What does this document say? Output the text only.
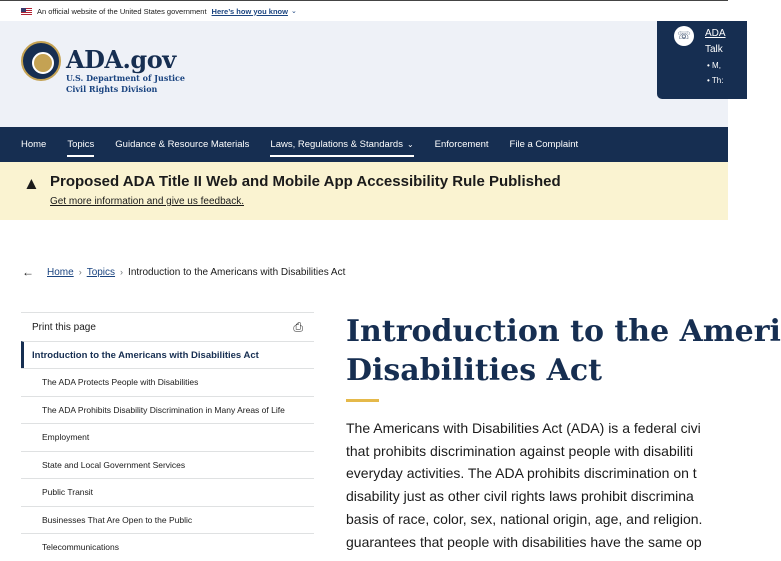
An official website of the United States government Here’s how you know ⌄
ADA.gov
U.S. Department of Justice
Civil Rights Division
☏	ADA
Talk
• M,
• Th:
Home Topics Guidance & Resource Materials Laws, Regulations & Standards ⌄ Enforcement File a Complaint
▲ Proposed ADA Title II Web and Mobile App Accessibility Rule Published
Get more information and give us feedback.
← Home › Topics › Introduction to the Americans with Disabilities Act
Print this page	⎙
Introduction to the Americans with Disabilities Act
The ADA Protects People with Disabilities
The ADA Prohibits Disability Discrimination in Many Areas of Life
Employment
State and Local Government Services
Public Transit
Businesses That Are Open to the Public
Telecommunications
Introduction to the Ameri
Disabilities Act
The Americans with Disabilities Act (ADA) is a federal civi
that prohibits discrimination against people with disabiliti
everyday activities. The ADA prohibits discrimination on t
disability just as other civil rights laws prohibit discrimina
basis of race, color, sex, national origin, age, and religion.
guarantees that people with disabilities have the same op
